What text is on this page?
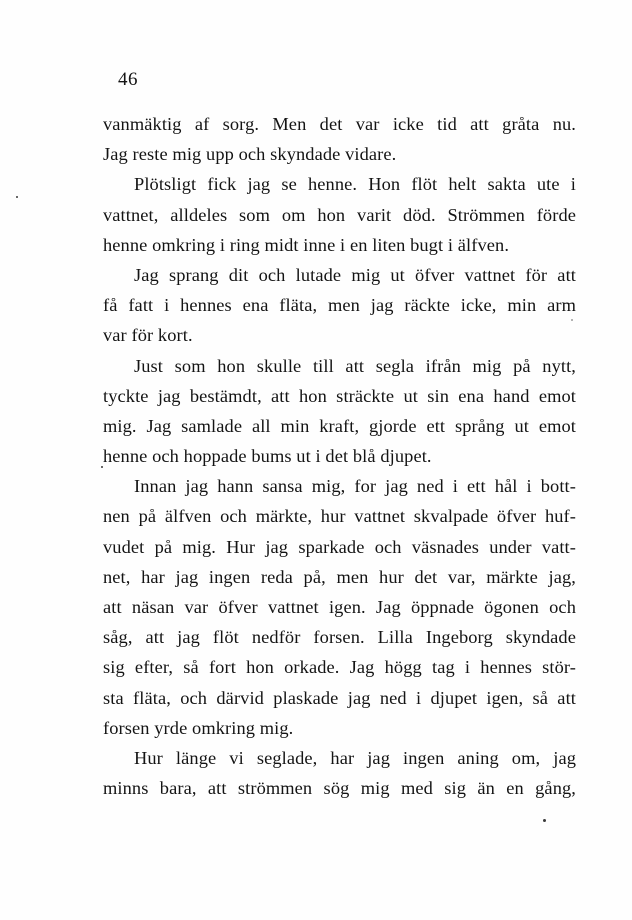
46
vanmäktig af sorg. Men det var icke tid att gråta nu.
Jag reste mig upp och skyndade vidare.
Plötsligt fick jag se henne. Hon flöt helt sakta ute i
vattnet, alldeles som om hon varit död. Strömmen förde
henne omkring i ring midt inne i en liten bugt i älfven.
Jag sprang dit och lutade mig ut öfver vattnet för att
få fatt i hennes ena fläta, men jag räckte icke, min arm
var för kort.
Just som hon skulle till att segla ifrån mig på nytt,
tyckte jag bestämdt, att hon sträckte ut sin ena hand emot
mig. Jag samlade all min kraft, gjorde ett språng ut emot
henne och hoppade bums ut i det blå djupet.
Innan jag hann sansa mig, for jag ned i ett hål i bott-
nen på älfven och märkte, hur vattnet skvalpade öfver huf-
vudet på mig. Hur jag sparkade och väsnades under vatt-
net, har jag ingen reda på, men hur det var, märkte jag,
att näsan var öfver vattnet igen. Jag öppnade ögonen och
såg, att jag flöt nedför forsen. Lilla Ingeborg skyndade
sig efter, så fort hon orkade. Jag högg tag i hennes stör-
sta fläta, och därvid plaskade jag ned i djupet igen, så att
forsen yrde omkring mig.
Hur länge vi seglade, har jag ingen aning om, jag
minns bara, att strömmen sög mig med sig än en gång,
